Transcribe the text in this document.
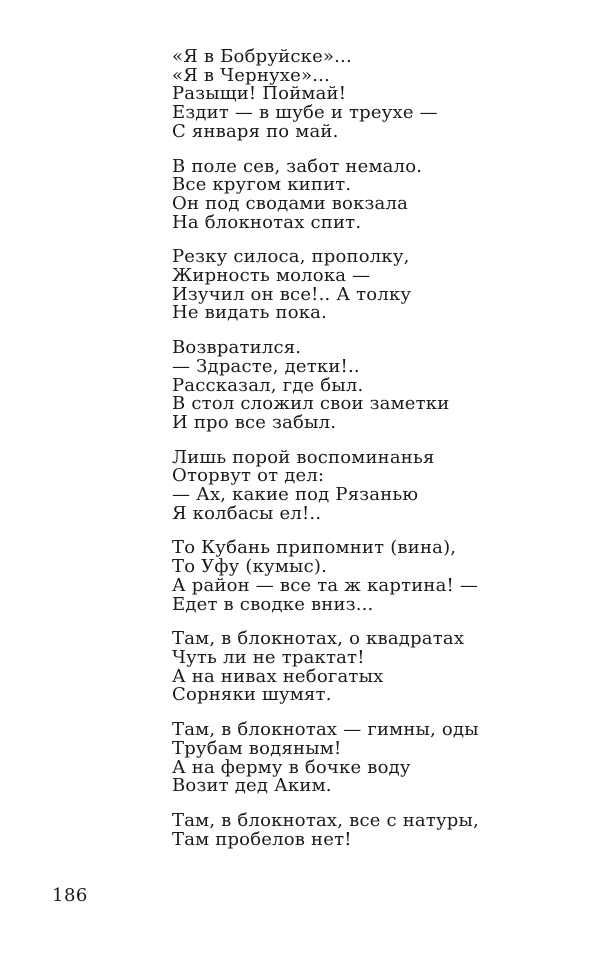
«Я в Бобруйске»...
«Я в Чернухе»...
Разыщи! Поймай!
Ездит — в шубе и треухе —
С января по май.
В поле сев, забот немало.
Все кругом кипит.
Он под сводами вокзала
На блокнотах спит.
Резку силоса, прополку,
Жирность молока —
Изучил он все!.. А толку
Не видать пока.
Возвратился.
— Здрасте, детки!..
Рассказал, где был.
В стол сложил свои заметки
И про все забыл.
Лишь порой воспоминанья
Оторвут от дел:
— Ах, какие под Рязанью
Я колбасы ел!..
То Кубань припомнит (вина),
То Уфу (кумыс).
А район — все та ж картина! —
Едет в сводке вниз...
Там, в блокнотах, о квадратах
Чуть ли не трактат!
А на нивах небогатых
Сорняки шумят.
Там, в блокнотах — гимны, оды
Трубам водяным!
А на ферму в бочке воду
Возит дед Аким.
Там, в блокнотах, все с натуры,
Там пробелов нет!
186
